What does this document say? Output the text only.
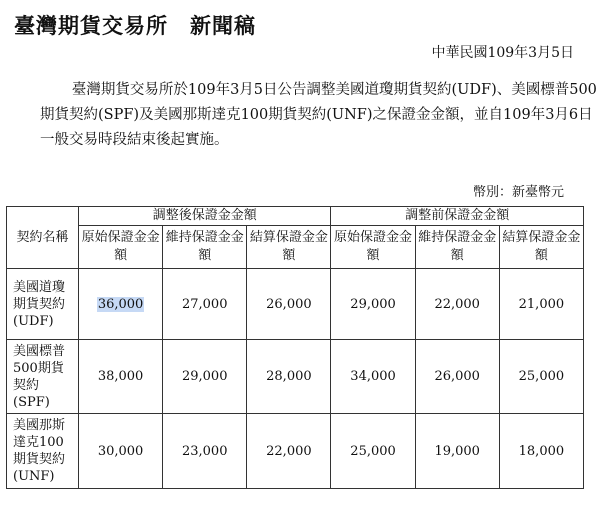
臺灣期貨交易所 新聞稿
中華民國109年3月5日

臺灣期貨交易所於109年3月5日公告調整美國道瓊期貨契約(UDF)、美國標普500期貨契約(SPF)及美國那斯達克100期貨契約(UNF)之保證金金額，並自109年3月6日一般交易時段結束後起實施。

幣別：新臺幣元
契約名稱	調整後保證金金額			調整前保證金金額		
	原始保證金金額	維持保證金金額	結算保證金金額	原始保證金金額	維持保證金金額	結算保證金金額

美國道瓊
期貨契約
(UDF)	36,000	27,000	26,000	29,000	22,000	21,000

美國標普
500期貨
契約
(SPF)	38,000	29,000	28,000	34,000	26,000	25,000

美國那斯
達克100
期貨契約
(UNF)	30,000	23,000	22,000	25,000	19,000	18,000
